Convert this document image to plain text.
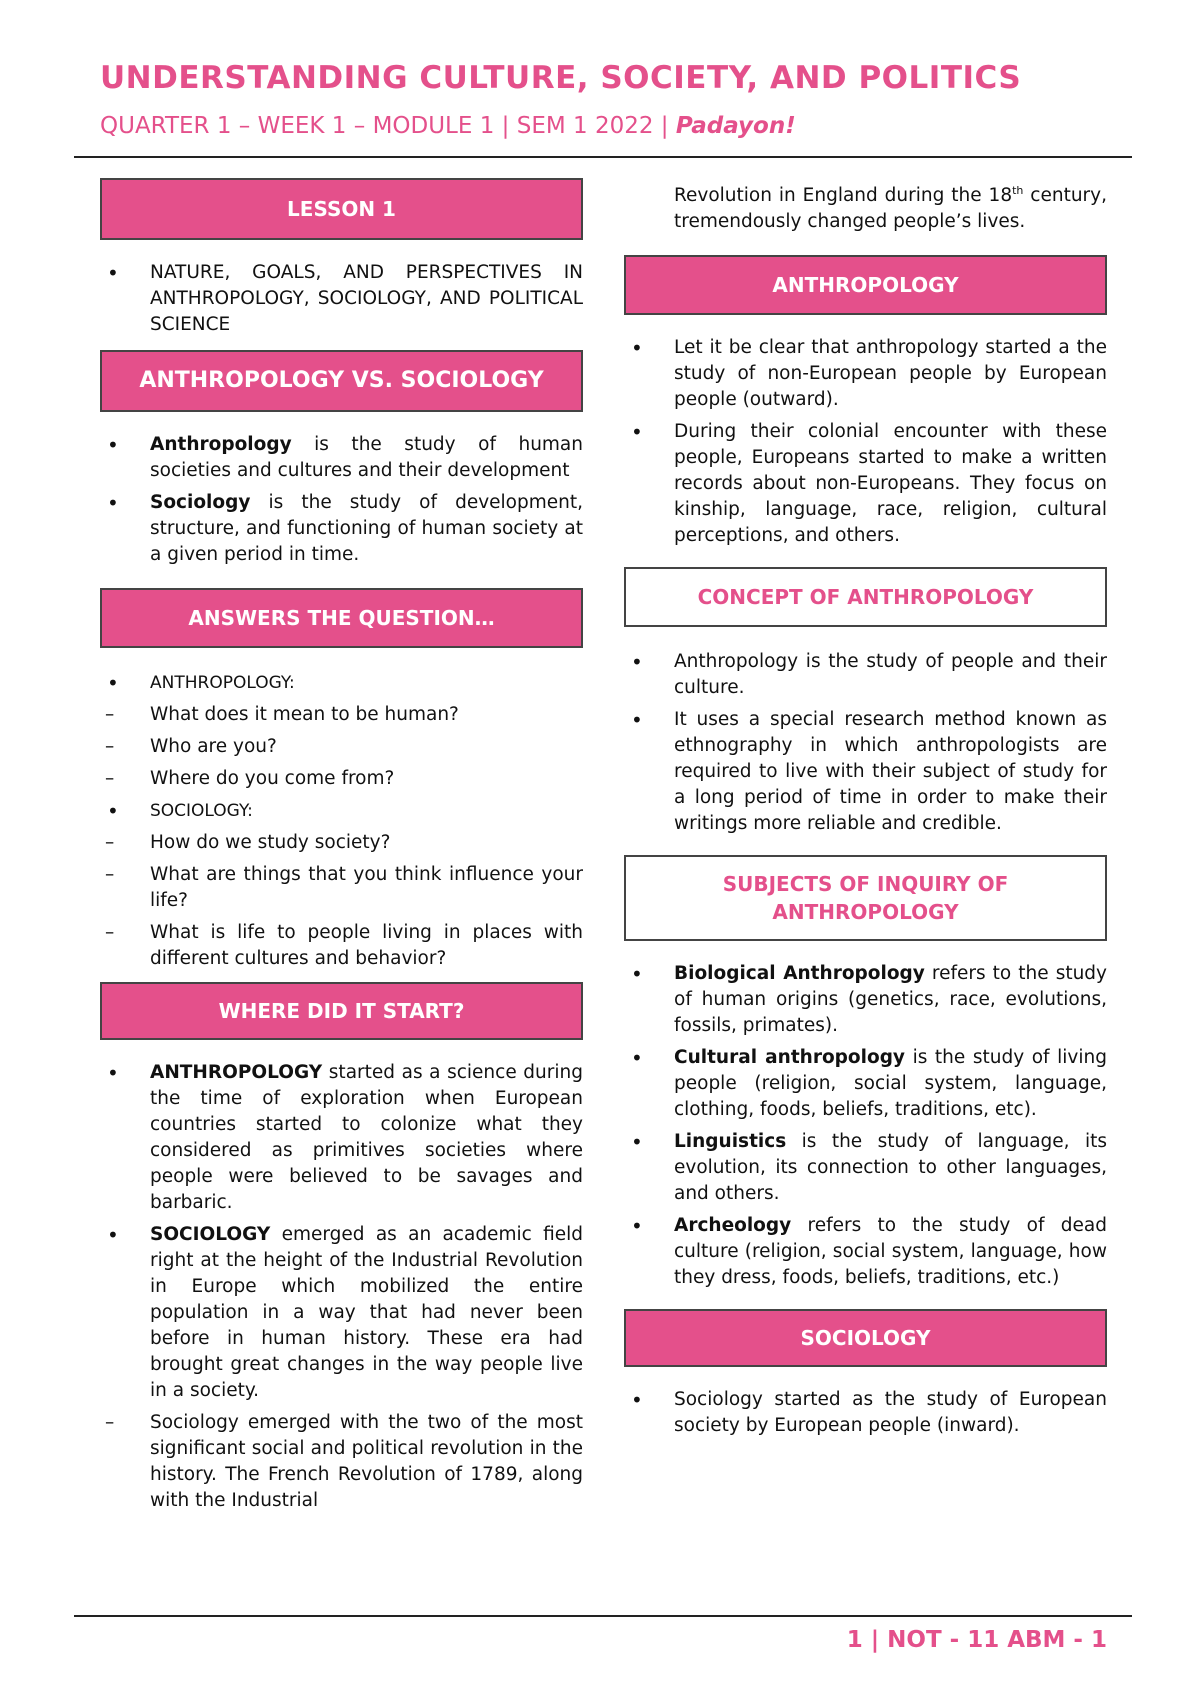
UNDERSTANDING CULTURE, SOCIETY, AND POLITICS
QUARTER 1 – WEEK 1 – MODULE 1 | SEM 1 2022 | Padayon!
LESSON 1
• NATURE, GOALS, AND PERSPECTIVES IN ANTHROPOLOGY, SOCIOLOGY, AND POLITICAL SCIENCE
ANTHROPOLOGY VS. SOCIOLOGY
• Anthropology is the study of human societies and cultures and their development
• Sociology is the study of development, structure, and functioning of human society at a given period in time.
ANSWERS THE QUESTION…
• ANTHROPOLOGY:
– What does it mean to be human?
– Who are you?
– Where do you come from?
• SOCIOLOGY:
– How do we study society?
– What are things that you think influence your life?
– What is life to people living in places with different cultures and behavior?
WHERE DID IT START?
• ANTHROPOLOGY started as a science during the time of exploration when European countries started to colonize what they considered as primitives societies where people were believed to be savages and barbaric.
• SOCIOLOGY emerged as an academic field right at the height of the Industrial Revolution in Europe which mobilized the entire population in a way that had never been before in human history. These era had brought great changes in the way people live in a society.
– Sociology emerged with the two of the most significant social and political revolution in the history. The French Revolution of 1789, along with the Industrial
Revolution in England during the 18th century, tremendously changed people’s lives.
ANTHROPOLOGY
• Let it be clear that anthropology started a the study of non-European people by European people (outward).
• During their colonial encounter with these people, Europeans started to make a written records about non-Europeans. They focus on kinship, language, race, religion, cultural perceptions, and others.
CONCEPT OF ANTHROPOLOGY
• Anthropology is the study of people and their culture.
• It uses a special research method known as ethnography in which anthropologists are required to live with their subject of study for a long period of time in order to make their writings more reliable and credible.
SUBJECTS OF INQUIRY OF ANTHROPOLOGY
• Biological Anthropology refers to the study of human origins (genetics, race, evolutions, fossils, primates).
• Cultural anthropology is the study of living people (religion, social system, language, clothing, foods, beliefs, traditions, etc).
• Linguistics is the study of language, its evolution, its connection to other languages, and others.
• Archeology refers to the study of dead culture (religion, social system, language, how they dress, foods, beliefs, traditions, etc.)
SOCIOLOGY
• Sociology started as the study of European society by European people (inward).
1 | NOT - 11 ABM - 1
